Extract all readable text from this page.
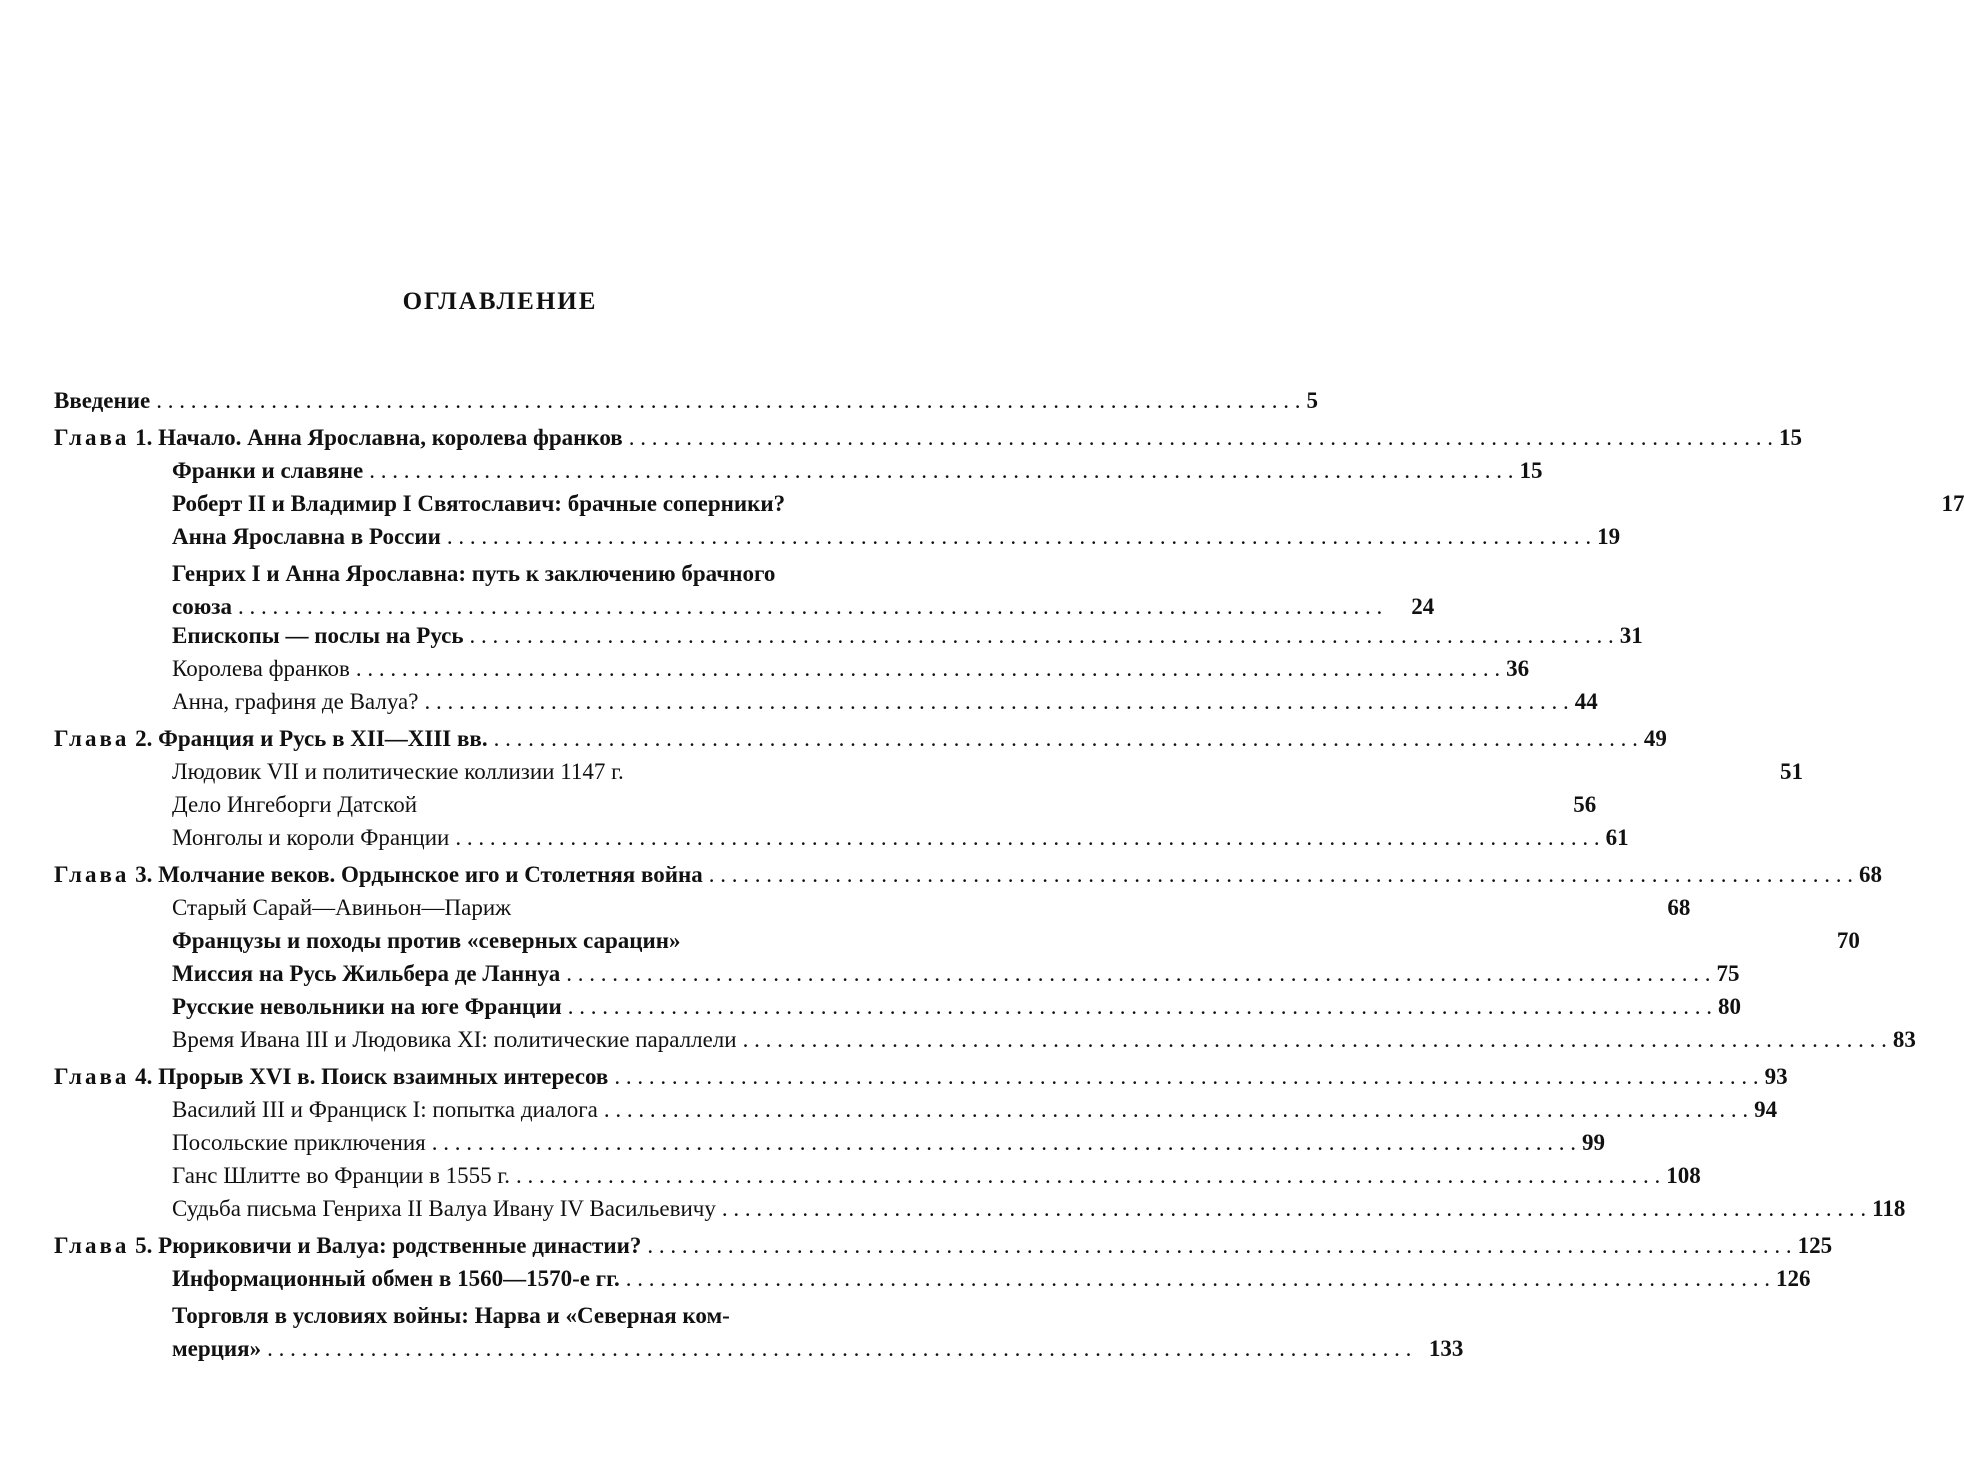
ОГЛАВЛЕНИЕ
Введение . . .	5
Глава 1. Начало. Анна Ярославна, королева франков . . .	15
Франки и славяне . . .	15
Роберт II и Владимир I Святославич: брачные соперники?	17
Анна Ярославна в России . . .	19
Генрих I и Анна Ярославна: путь к заключению брачного
союза . . .	24
Епископы — послы на Русь . . .	31
Королева франков . . .	36
Анна, графиня де Валуа? . . .	44
Глава 2. Франция и Русь в XII—XIII вв. . . .	49
Людовик VII и политические коллизии 1147 г.	51
Дело Ингеборги Датской	56
Монголы и короли Франции . . .	61
Глава 3. Молчание веков. Ордынское иго и Столетняя война . . .	68
Старый Сарай—Авиньон—Париж	68
Французы и походы против «северных сарацин»	70
Миссия на Русь Жильбера де Ланнуа . . .	75
Русские невольники на юге Франции . . .	80
Время Ивана III и Людовика XI: политические параллели . . .	83
Глава 4. Прорыв XVI в. Поиск взаимных интересов . . .	93
Василий III и Франциск I: попытка диалога . . .	94
Посольские приключения . . .	99
Ганс Шлитте во Франции в 1555 г. . . .	108
Судьба письма Генриха II Валуа Ивану IV Васильевичу . . .	118
Глава 5. Рюриковичи и Валуа: родственные династии? . . .	125
Информационный обмен в 1560—1570-е гг. . . .	126
Торговля в условиях войны: Нарва и «Северная ком-
мерция» . . .	133
